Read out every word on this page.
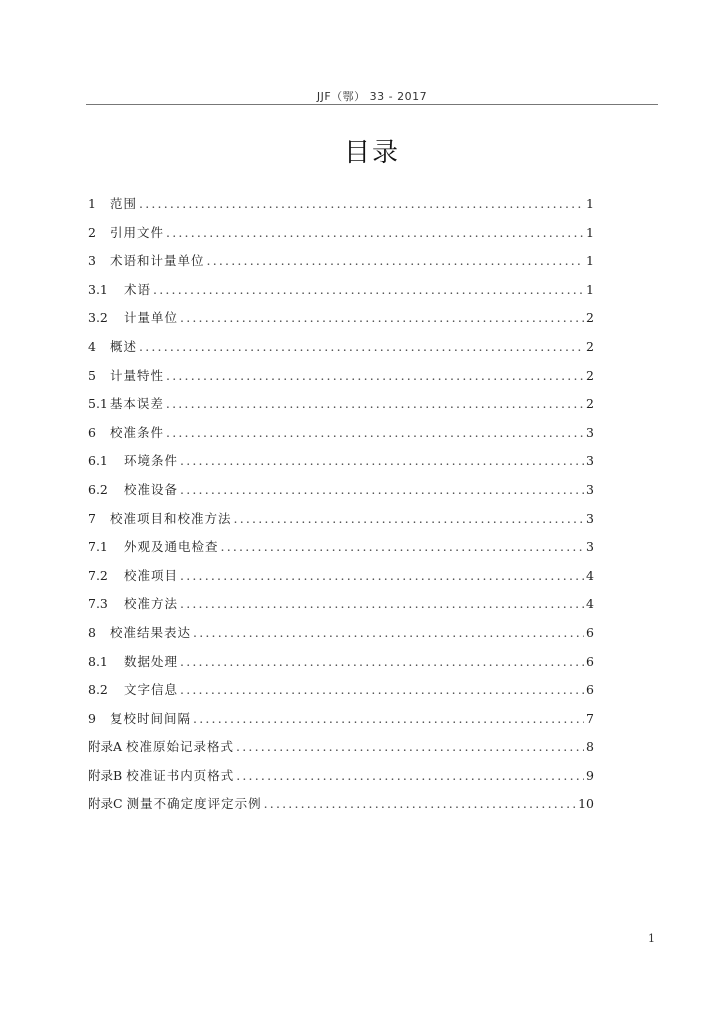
JJF（鄂） 33 - 2017
目录
1	范围 .....	1
2	引用文件 .....	1
3	术语和计量单位 .....	1
3.1	术语 .....	1
3.2	计量单位 .....	2
4	概述 .....	2
5	计量特性 .....	2
5.1 基本误差 .....	2
6	校准条件 .....	3
6.1	环境条件 .....	3
6.2	校准设备 .....	3
7	校准项目和校准方法 .....	3
7.1	外观及通电检查 .....	3
7.2	校准项目 .....	4
7.3	校准方法 .....	4
8	校准结果表达 .....	6
8.1	数据处理 .....	6
8.2	文字信息 .....	6
9	复校时间间隔 .....	7
附录A 校准原始记录格式 .....	8
附录B 校准证书内页格式 .....	9
附录C 测量不确定度评定示例 .....	10
1
